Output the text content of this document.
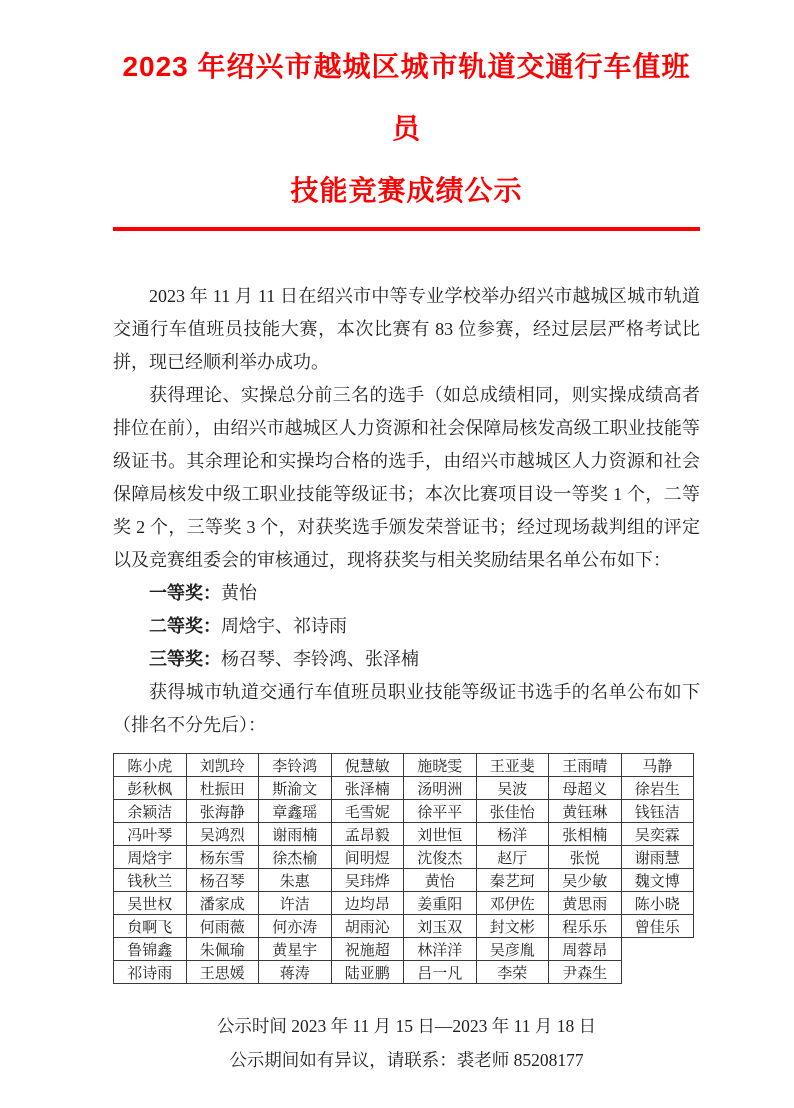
2023 年绍兴市越城区城市轨道交通行车值班员
技能竞赛成绩公示

2023 年 11 月 11 日在绍兴市中等专业学校举办绍兴市越城区城市轨道交通行车值班员技能大赛，本次比赛有 83 位参赛，经过层层严格考试比拼，现已经顺利举办成功。

获得理论、实操总分前三名的选手（如总成绩相同，则实操成绩高者排位在前），由绍兴市越城区人力资源和社会保障局核发高级工职业技能等级证书。其余理论和实操均合格的选手，由绍兴市越城区人力资源和社会保障局核发中级工职业技能等级证书；本次比赛项目设一等奖 1 个，二等奖 2 个，三等奖 3 个，对获奖选手颁发荣誉证书；经过现场裁判组的评定以及竞赛组委会的审核通过，现将获奖与相关奖励结果名单公布如下：

一等奖：黄怡
二等奖：周焓宇、祁诗雨
三等奖：杨召琴、李铃鸿、张泽楠

获得城市轨道交通行车值班员职业技能等级证书选手的名单公布如下（排名不分先后）：

陈小虎	刘凯玲	李铃鸿	倪慧敏	施晓雯	王亚斐	王雨晴	马静
彭秋枫	杜振田	斯渝文	张泽楠	汤明洲	吴波	母超义	徐岩生
余颖洁	张海静	章鑫瑶	毛雪妮	徐平平	张佳怡	黄钰琳	钱钰洁
冯叶琴	吴鸿烈	谢雨楠	孟昂毅	刘世恒	杨洋	张相楠	吴奕霖
周焓宇	杨东雪	徐杰榆	间明煜	沈俊杰	赵厅	张悦	谢雨慧
钱秋兰	杨召琴	朱惠	吴玮烨	黄怡	秦艺珂	吴少敏	魏文博
吴世权	潘家成	许洁	边均昂	姜重阳	邓伊佐	黄思雨	陈小晓
贠啊飞	何雨薇	何亦涛	胡雨沁	刘玉双	封文彬	程乐乐	曾佳乐
鲁锦鑫	朱佩瑜	黄星宇	祝施超	林洋洋	吴彦胤	周蓉昂	
祁诗雨	王思媛	蒋涛	陆亚鹏	吕一凡	李荣	尹森生	
公示时间 2023 年 11 月 15 日—2023 年 11 月 18 日
公示期间如有异议，请联系：裘老师 85208177
